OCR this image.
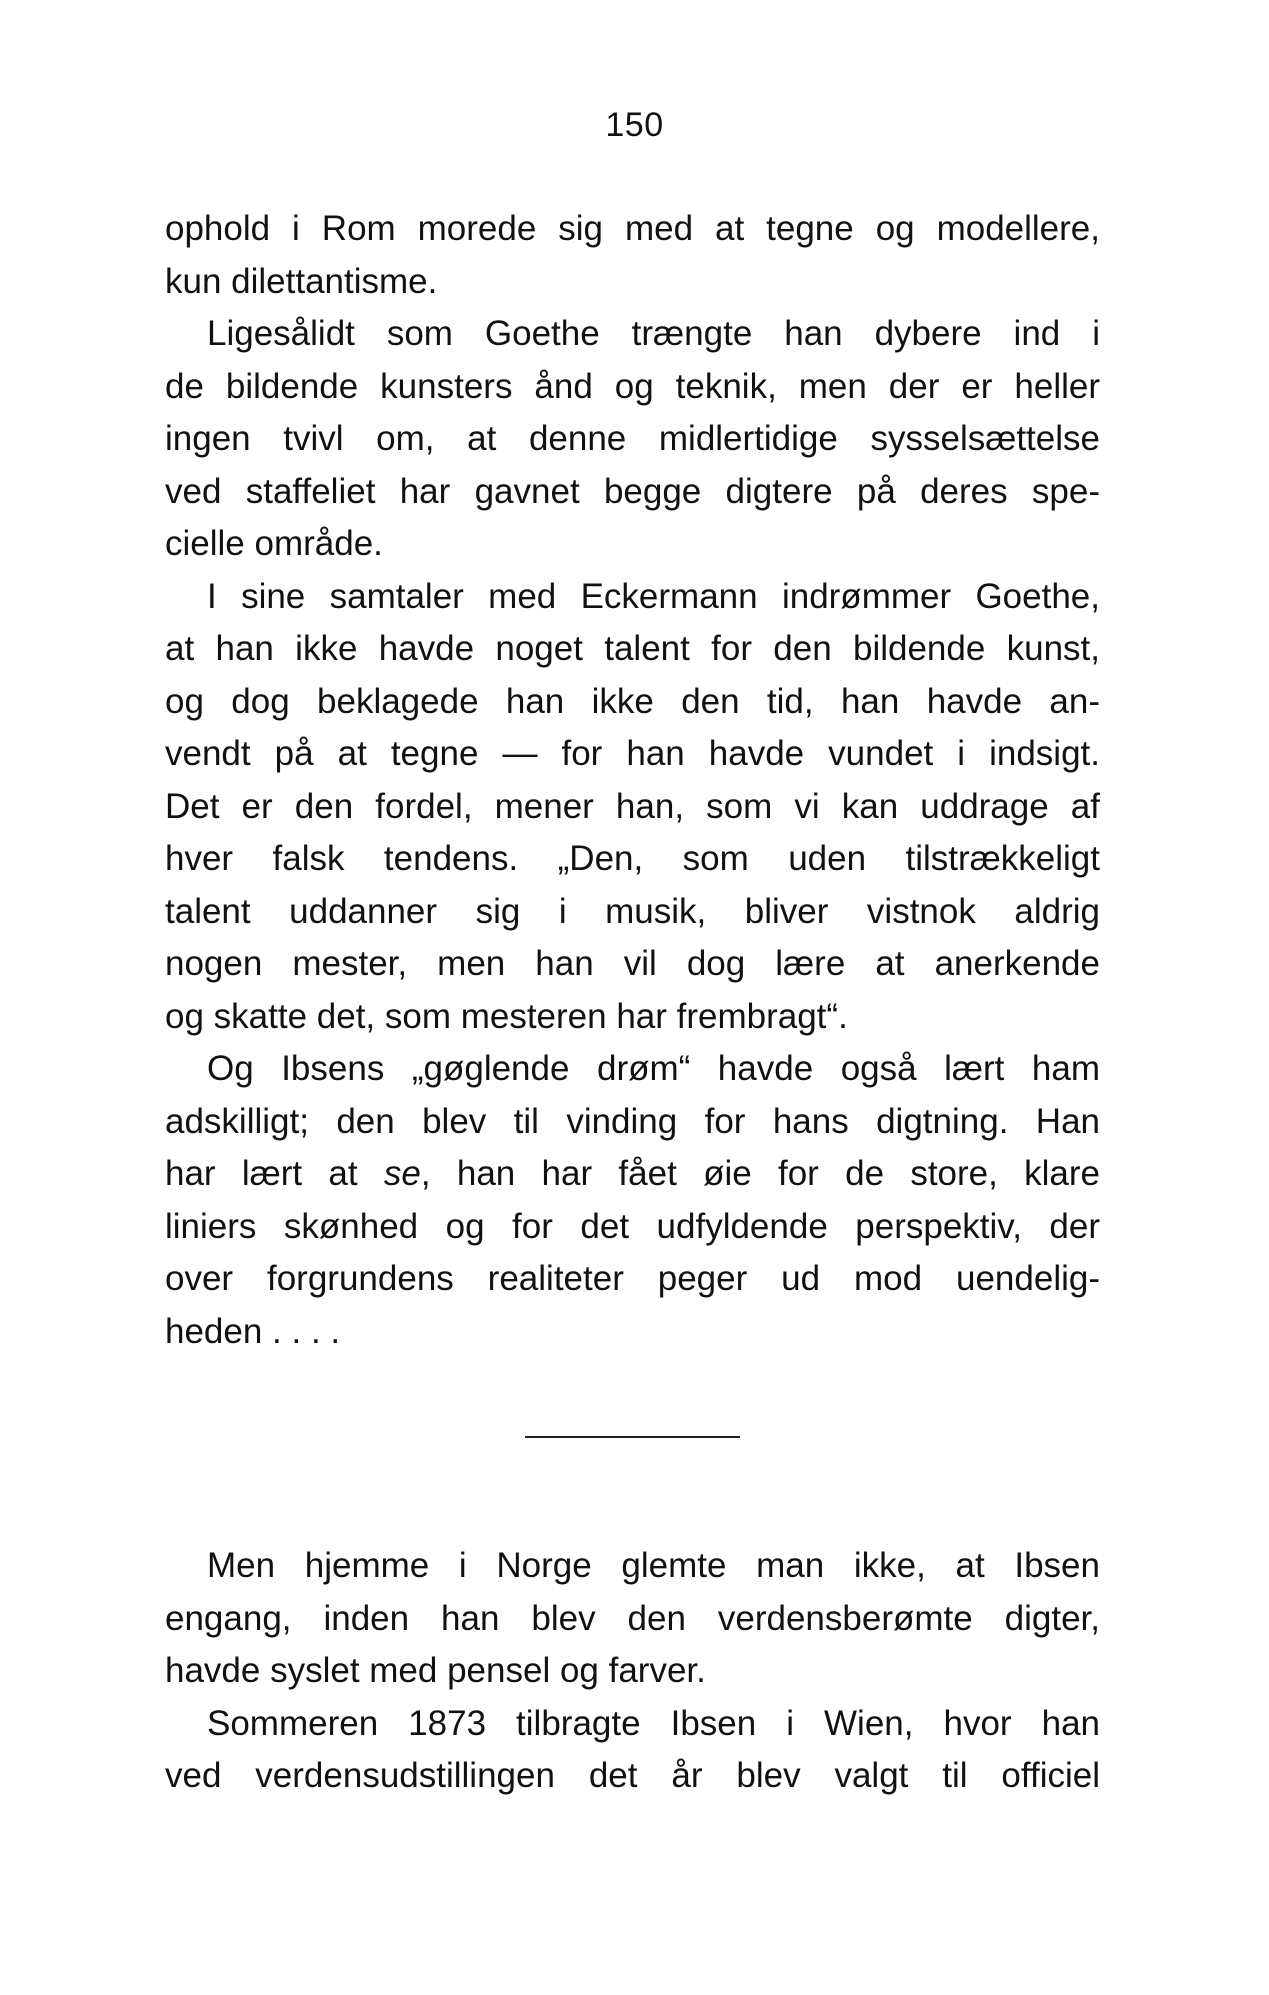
150
ophold i Rom morede sig med at tegne og modellere,
kun dilettantisme.
Ligesålidt som Goethe trængte han dybere ind i
de bildende kunsters ånd og teknik, men der er heller
ingen tvivl om, at denne midlertidige sysselsættelse
ved staffeliet har gavnet begge digtere på deres spe-
cielle område.
I sine samtaler med Eckermann indrømmer Goethe,
at han ikke havde noget talent for den bildende kunst,
og dog beklagede han ikke den tid, han havde an-
vendt på at tegne — for han havde vundet i indsigt.
Det er den fordel, mener han, som vi kan uddrage af
hver falsk tendens. „Den, som uden tilstrækkeligt
talent uddanner sig i musik, bliver vistnok aldrig
nogen mester, men han vil dog lære at anerkende
og skatte det, som mesteren har frembragt“.
Og Ibsens „gøglende drøm“ havde også lært ham
adskilligt; den blev til vinding for hans digtning. Han
har lært at se, han har fået øie for de store, klare
liniers skønhed og for det udfyldende perspektiv, der
over forgrundens realiteter peger ud mod uendelig-
heden . . . .
Men hjemme i Norge glemte man ikke, at Ibsen
engang, inden han blev den verdensberømte digter,
havde syslet med pensel og farver.
Sommeren 1873 tilbragte Ibsen i Wien, hvor han
ved verdensudstillingen det år blev valgt til officiel
